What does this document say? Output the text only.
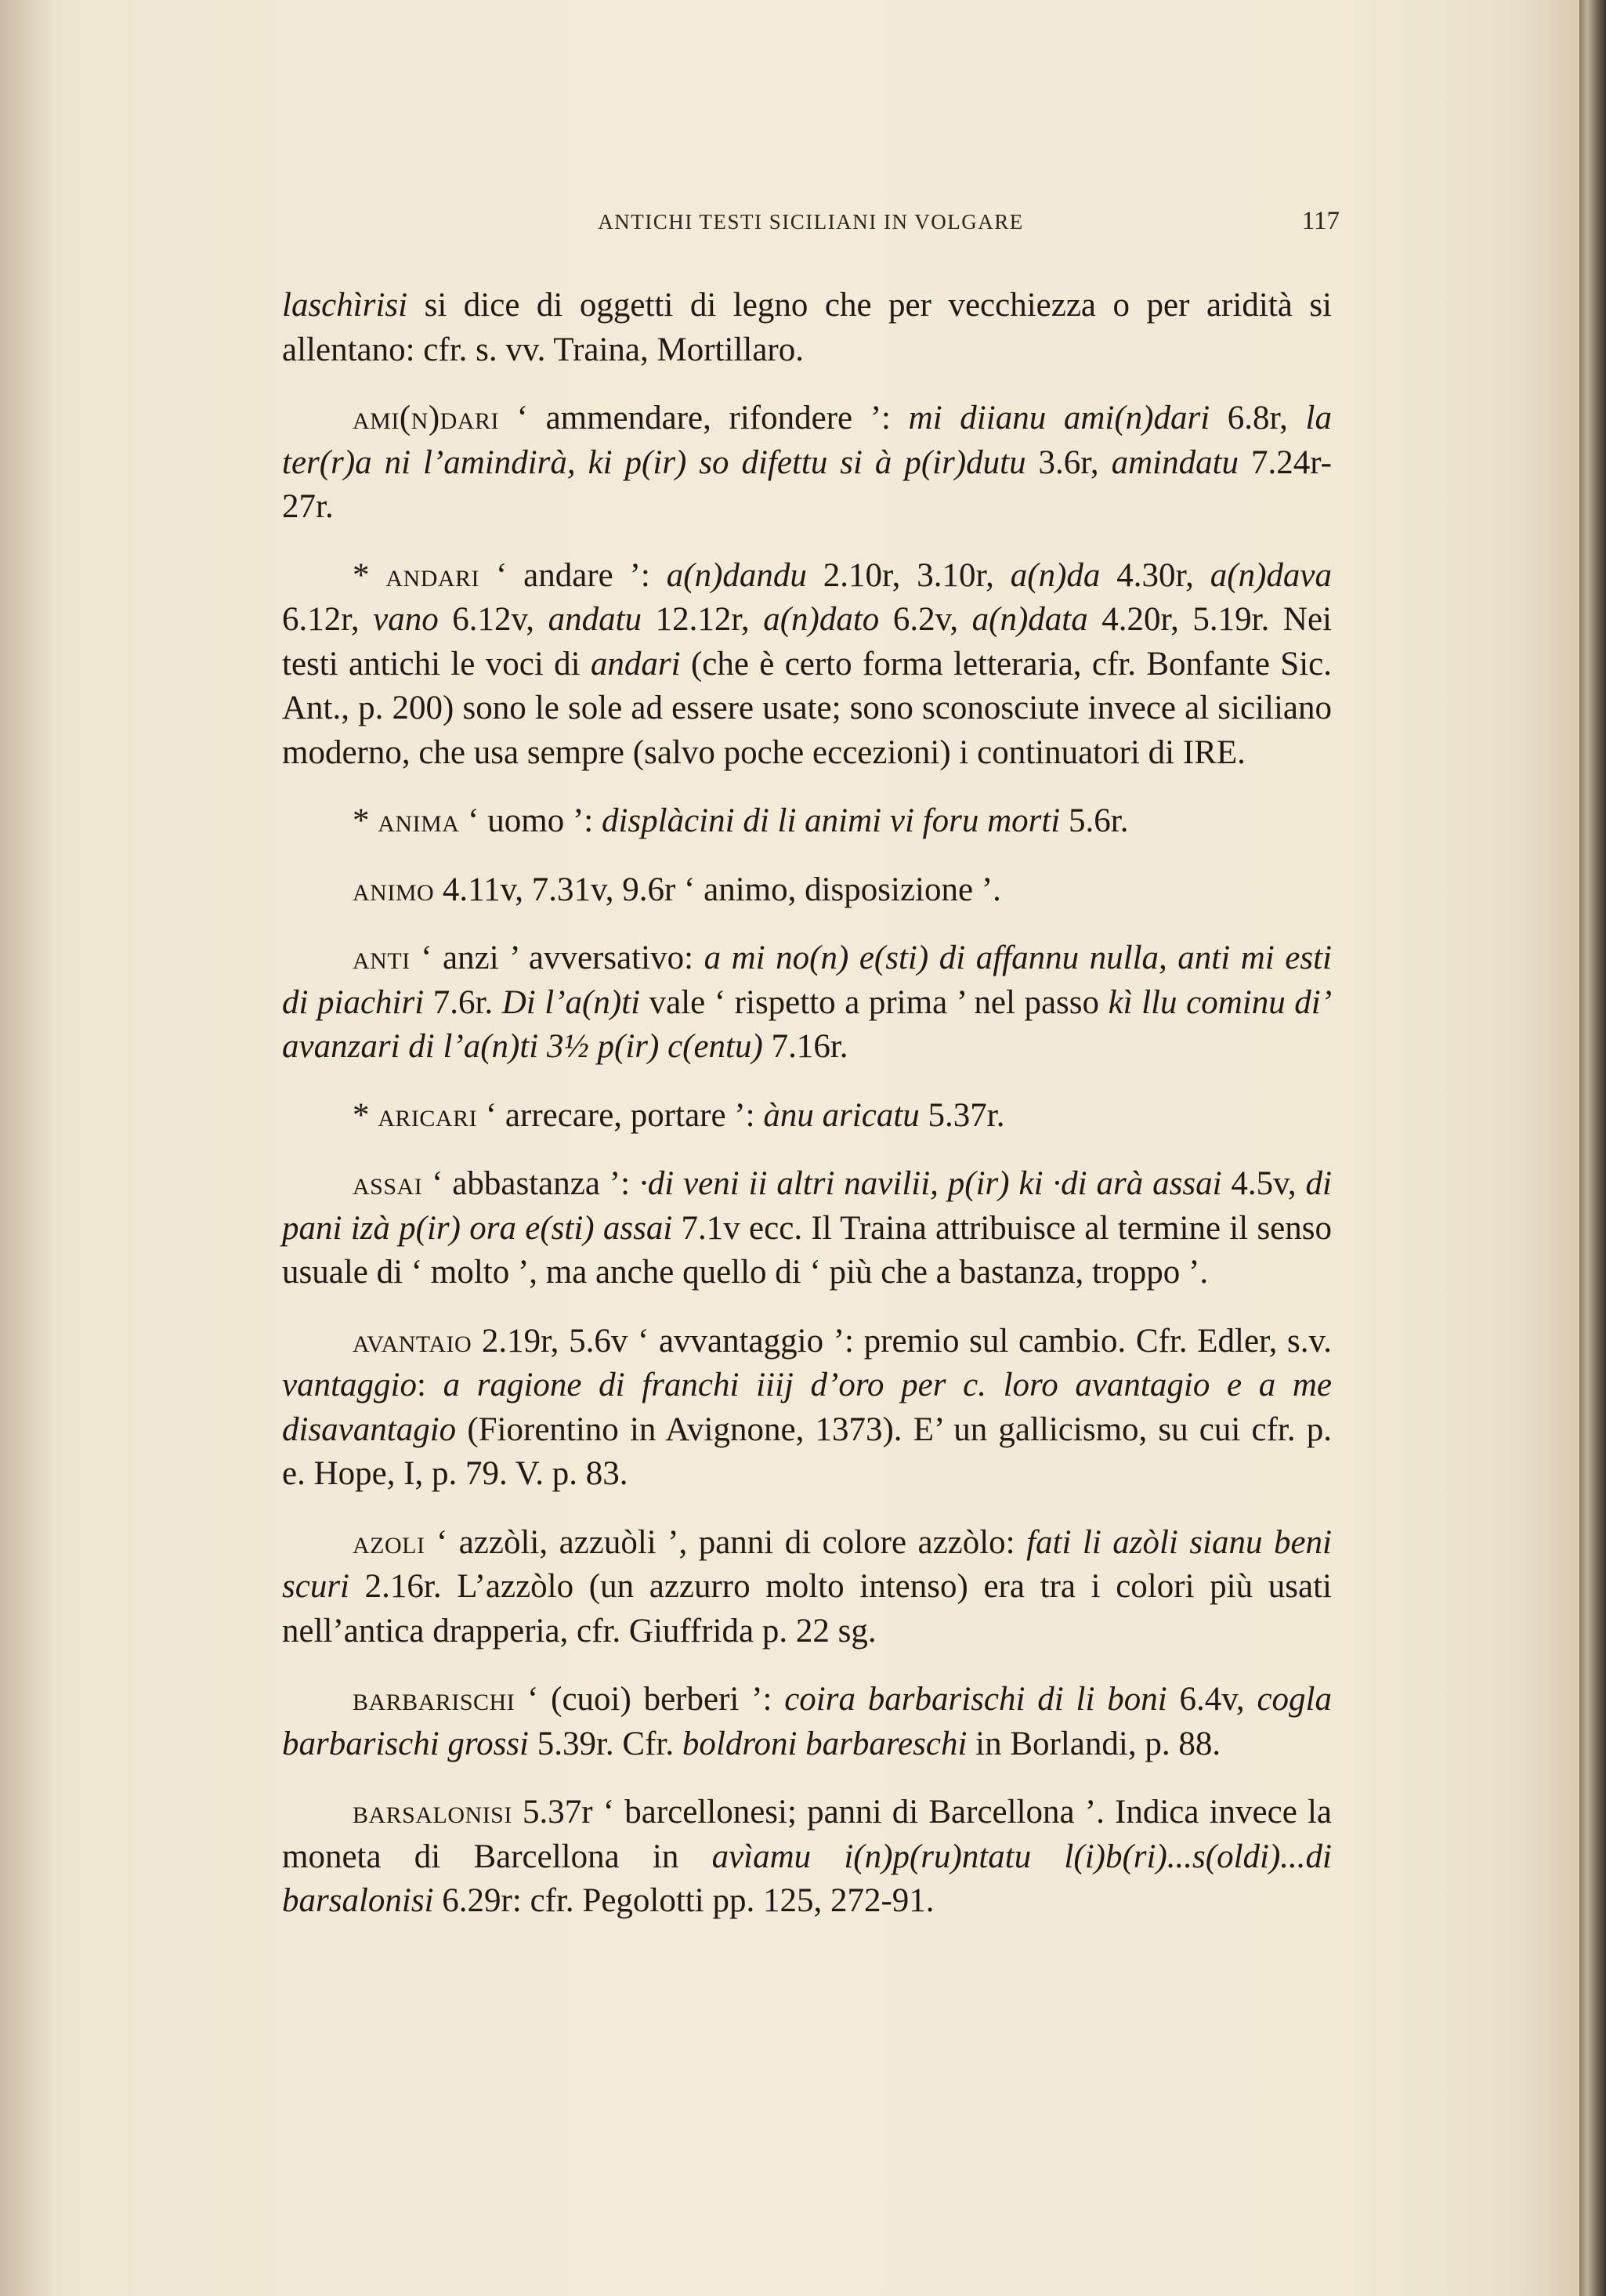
ANTICHI TESTI SICILIANI IN VOLGARE	117

laschìrisi si dice di oggetti di legno che per vecchiezza o per aridità si allentano: cfr. s. vv. Traina, Mortillaro.

ami(n)dari ‘ ammendare, rifondere ’: mi diianu ami(n)dari 6.8r, la ter(r)a ni l’amindirà, ki p(ir) so difettu si à p(ir)dutu 3.6r, amindatu 7.24r-27r.

* andari ‘ andare ’: a(n)dandu 2.10r, 3.10r, a(n)da 4.30r, a(n)dava 6.12r, vano 6.12v, andatu 12.12r, a(n)dato 6.2v, a(n)data 4.20r, 5.19r. Nei testi antichi le voci di andari (che è certo forma letteraria, cfr. Bonfante Sic. Ant., p. 200) sono le sole ad essere usate; sono sconosciute invece al siciliano moderno, che usa sempre (salvo poche eccezioni) i continuatori di IRE.

* anima ‘ uomo ’: displàcini di li animi vi foru morti 5.6r.

animo 4.11v, 7.31v, 9.6r ‘ animo, disposizione ’.

anti ‘ anzi ’ avversativo: a mi no(n) e(sti) di affannu nulla, anti mi esti di piachiri 7.6r. Di l’a(n)ti vale ‘ rispetto a prima ’ nel passo kì llu cominu di’ avanzari di l’a(n)ti 3½ p(ir) c(entu) 7.16r.

* aricari ‘ arrecare, portare ’: ànu aricatu 5.37r.

assai ‘ abbastanza ’: ·di veni ii altri navilii, p(ir) ki ·di arà assai 4.5v, di pani izà p(ir) ora e(sti) assai 7.1v ecc. Il Traina attribuisce al termine il senso usuale di ‘ molto ’, ma anche quello di ‘ più che a bastanza, troppo ’.

avantaio 2.19r, 5.6v ‘ avvantaggio ’: premio sul cambio. Cfr. Edler, s.v. vantaggio: a ragione di franchi iiij d’oro per c. loro avantagio e a me disavantagio (Fiorentino in Avignone, 1373). E’ un gallicismo, su cui cfr. p. e. Hope, I, p. 79. V. p. 83.

azoli ‘ azzòli, azzuòli ’, panni di colore azzòlo: fati li azòli sianu beni scuri 2.16r. L’azzòlo (un azzurro molto intenso) era tra i colori più usati nell’antica drapperia, cfr. Giuffrida p. 22 sg.

barbarischi ‘ (cuoi) berberi ’: coira barbarischi di li boni 6.4v, cogla barbarischi grossi 5.39r. Cfr. boldroni barbareschi in Borlandi, p. 88.

barsalonisi 5.37r ‘ barcellonesi; panni di Barcellona ’. Indica invece la moneta di Barcellona in avìamu i(n)p(ru)ntatu l(i)b(ri)...s(oldi)...di barsalonisi 6.29r: cfr. Pegolotti pp. 125, 272-91.
